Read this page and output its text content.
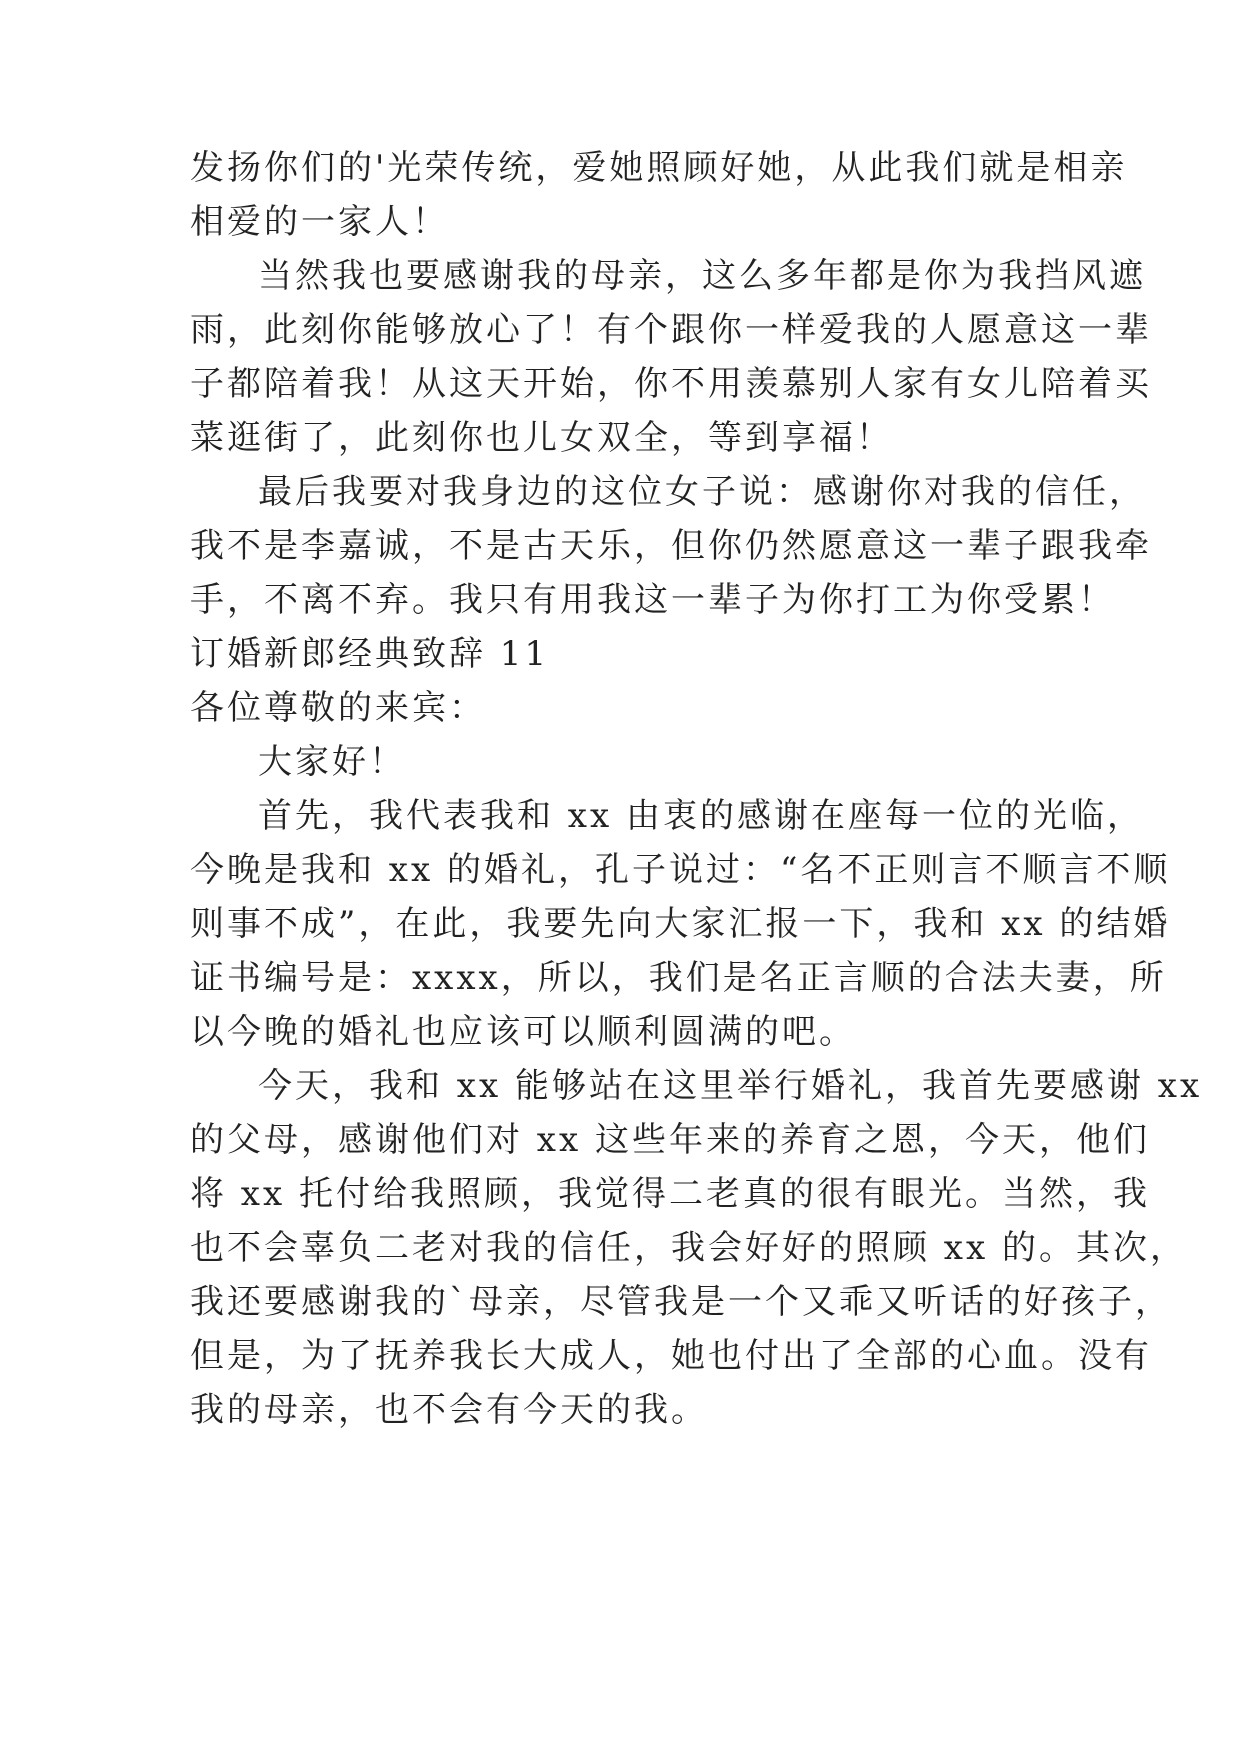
发扬你们的'光荣传统，爱她照顾好她，从此我们就是相亲
相爱的一家人！
当然我也要感谢我的母亲，这么多年都是你为我挡风遮
雨，此刻你能够放心了！有个跟你一样爱我的人愿意这一辈
子都陪着我！从这天开始，你不用羡慕别人家有女儿陪着买
菜逛街了，此刻你也儿女双全，等到享福！
最后我要对我身边的这位女子说：感谢你对我的信任，
我不是李嘉诚，不是古天乐，但你仍然愿意这一辈子跟我牵
手，不离不弃。我只有用我这一辈子为你打工为你受累！
订婚新郎经典致辞 11
各位尊敬的来宾：
大家好！
首先，我代表我和 xx 由衷的感谢在座每一位的光临，
今晚是我和 xx 的婚礼，孔子说过：“名不正则言不顺言不顺
则事不成”，在此，我要先向大家汇报一下，我和 xx 的结婚
证书编号是：xxxx，所以，我们是名正言顺的合法夫妻，所
以今晚的婚礼也应该可以顺利圆满的吧。
今天，我和 xx 能够站在这里举行婚礼，我首先要感谢 xx
的父母，感谢他们对 xx 这些年来的养育之恩，今天，他们
将 xx 托付给我照顾，我觉得二老真的很有眼光。当然，我
也不会辜负二老对我的信任，我会好好的照顾 xx 的。其次，
我还要感谢我的`母亲，尽管我是一个又乖又听话的好孩子，
但是，为了抚养我长大成人，她也付出了全部的心血。没有
我的母亲，也不会有今天的我。
